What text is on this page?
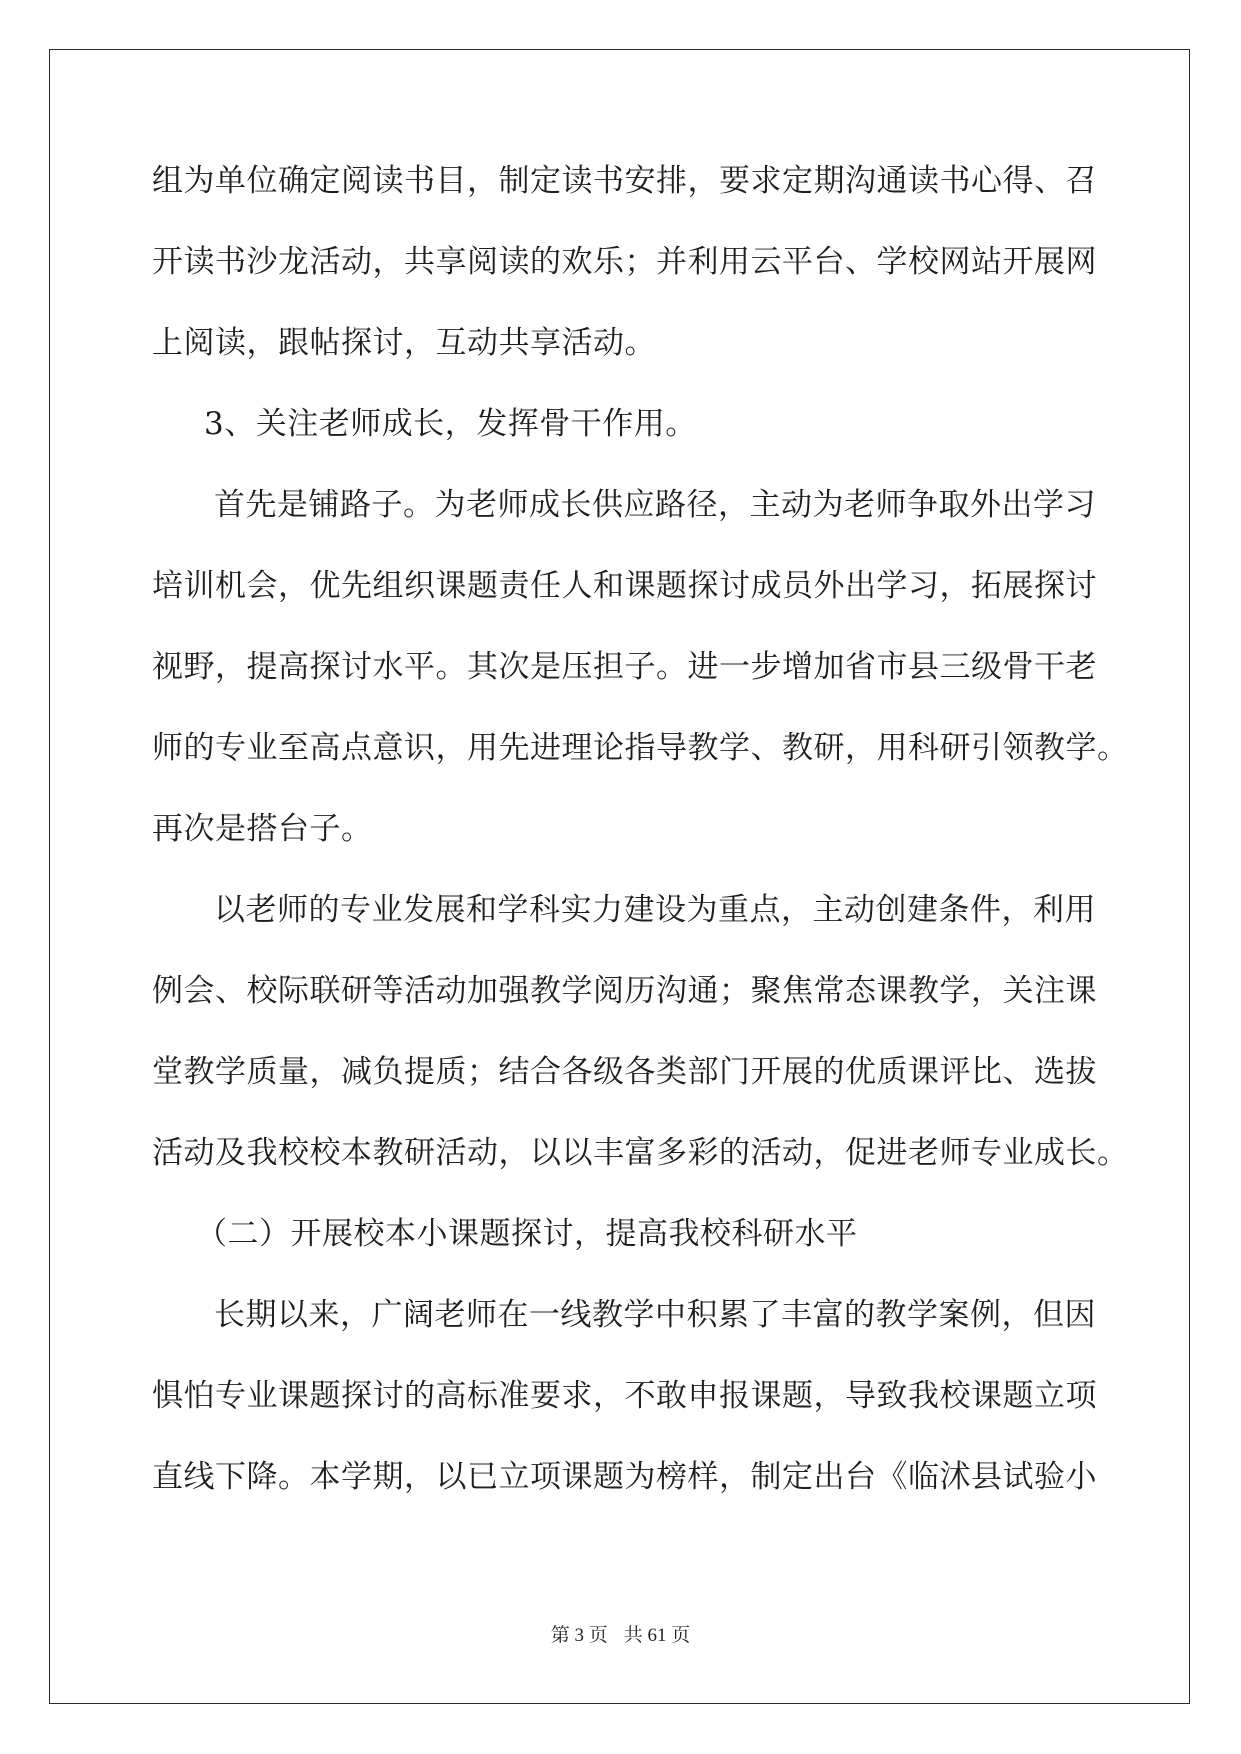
组为单位确定阅读书目，制定读书安排，要求定期沟通读书心得、召
开读书沙龙活动，共享阅读的欢乐；并利用云平台、学校网站开展网
上阅读，跟帖探讨，互动共享活动。
3、关注老师成长，发挥骨干作用。
首先是铺路子。为老师成长供应路径，主动为老师争取外出学习
培训机会，优先组织课题责任人和课题探讨成员外出学习，拓展探讨
视野，提高探讨水平。其次是压担子。进一步增加省市县三级骨干老
师的专业至高点意识，用先进理论指导教学、教研，用科研引领教学。
再次是搭台子。
以老师的专业发展和学科实力建设为重点，主动创建条件，利用
例会、校际联研等活动加强教学阅历沟通；聚焦常态课教学，关注课
堂教学质量，减负提质；结合各级各类部门开展的优质课评比、选拔
活动及我校校本教研活动，以以丰富多彩的活动，促进老师专业成长。
（二）开展校本小课题探讨，提高我校科研水平
长期以来，广阔老师在一线教学中积累了丰富的教学案例，但因
惧怕专业课题探讨的高标准要求，不敢申报课题，导致我校课题立项
直线下降。本学期，以已立项课题为榜样，制定出台《临沭县试验小
第 3 页 共 61 页
